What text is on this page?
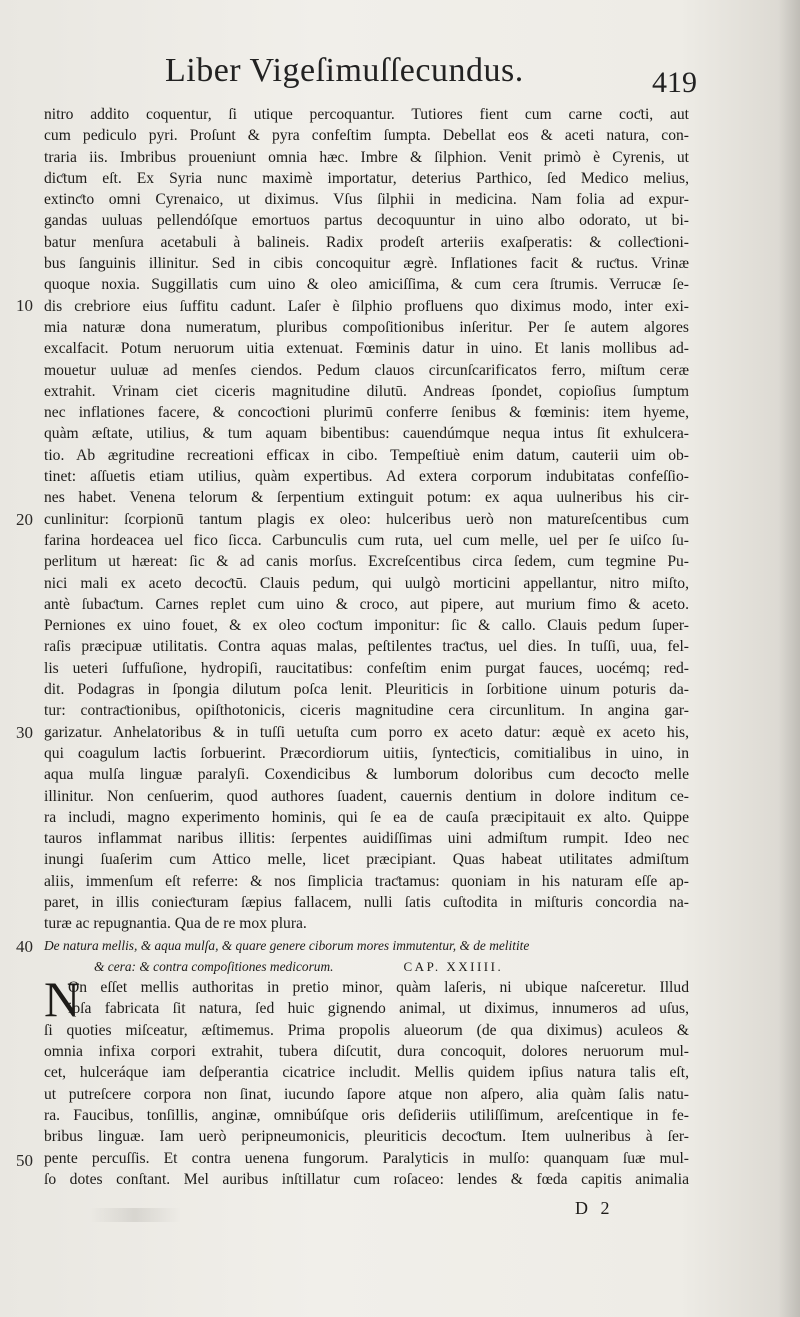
Liber Vigeſimuſſecundus.	419
10
20
30
40
50
nitro addito coquentur, ſi utique percoquantur. Tutiores fient cum carne coƈti, aut
cum pediculo pyri. Proſunt & pyra confeſtim ſumpta. Debellat eos & aceti natura, con-
traria iis. Imbribus proueniunt omnia hæc. Imbre & ſilphion. Venit primò è Cyrenis, ut
diƈtum eſt. Ex Syria nunc maximè importatur, deterius Parthico, ſed Medico melius,
extinƈto omni Cyrenaico, ut diximus. Vſus ſilphii in medicina. Nam folia ad expur-
gandas uuluas pellendóſque emortuos partus decoquuntur in uino albo odorato, ut bi-
batur menſura acetabuli à balineis. Radix prodeſt arteriis exaſperatis: & colleƈtioni-
bus ſanguinis illinitur. Sed in cibis concoquitur ægrè. Inflationes facit & ruƈtus. Vrinæ
quoque noxia. Suggillatis cum uino & oleo amiciſſima, & cum cera ſtrumis. Verrucæ ſe-
dis crebriore eius ſuffitu cadunt. Laſer è ſilphio profluens quo diximus modo, inter exi-
mia naturæ dona numeratum, pluribus compoſitionibus inſeritur. Per ſe autem algores
excalfacit. Potum neruorum uitia extenuat. Fœminis datur in uino. Et lanis mollibus ad-
mouetur uuluæ ad menſes ciendos. Pedum clauos circunſcarificatos ferro, miſtum ceræ
extrahit. Vrinam ciet ciceris magnitudine dilutū. Andreas ſpondet, copioſius ſumptum
nec inflationes facere, & concoƈtioni plurimū conferre ſenibus & fœminis: item hyeme,
quàm æſtate, utilius, & tum aquam bibentibus: cauendúmque nequa intus ſit exhulcera-
tio. Ab ægritudine recreationi efficax in cibo. Tempeſtiuè enim datum, cauterii uim ob-
tinet: aſſuetis etiam utilius, quàm expertibus. Ad extera corporum indubitatas confeſſio-
nes habet. Venena telorum & ſerpentium extinguit potum: ex aqua uulneribus his cir-
cunlinitur: ſcorpionū tantum plagis ex oleo: hulceribus uerò non matureſcentibus cum
farina hordeacea uel fico ſicca. Carbunculis cum ruta, uel cum melle, uel per ſe uiſco ſu-
perlitum ut hæreat: ſic & ad canis morſus. Excreſcentibus circa ſedem, cum tegmine Pu-
nici mali ex aceto decoƈtū. Clauis pedum, qui uulgò morticini appellantur, nitro miſto,
antè ſubaƈtum. Carnes replet cum uino & croco, aut pipere, aut murium fimo & aceto.
Perniones ex uino fouet, & ex oleo coƈtum imponitur: ſic & callo. Clauis pedum ſuper-
raſis præcipuæ utilitatis. Contra aquas malas, peſtilentes traƈtus, uel dies. In tuſſi, uua, fel-
lis ueteri ſuffuſione, hydropiſi, raucitatibus: confeſtim enim purgat fauces, uocémq; red-
dit. Podagras in ſpongia dilutum poſca lenit. Pleuriticis in ſorbitione uinum poturis da-
tur: contraƈtionibus, opiſthotonicis, ciceris magnitudine cera circunlitum. In angina gar-
garizatur. Anhelatoribus & in tuſſi uetuſta cum porro ex aceto datur: æquè ex aceto his,
qui coagulum laƈtis ſorbuerint. Præcordiorum uitiis, ſynteƈticis, comitialibus in uino, in
aqua mulſa linguæ paralyſi. Coxendicibus & lumborum doloribus cum decoƈto melle
illinitur. Non cenſuerim, quod authores ſuadent, cauernis dentium in dolore inditum ce-
ra includi, magno experimento hominis, qui ſe ea de cauſa præcipitauit ex alto. Quippe
tauros inflammat naribus illitis: ſerpentes auidiſſimas uini admiſtum rumpit. Ideo nec
inungi ſuaſerim cum Attico melle, licet præcipiant. Quas habeat utilitates admiſtum
aliis, immenſum eſt referre: & nos ſimplicia traƈtamus: quoniam in his naturam eſſe ap-
paret, in illis conieƈturam ſæpius fallacem, nulli ſatis cuſtodita in miſturis concordia na-
turæ ac repugnantia. Qua de re mox plura.
De natura mellis, & aqua mulſa, & quare genere ciborum mores immutentur, & de melitite
& cera: & contra compoſitiones medicorum.	CAP. XXIIII.
N
On eſſet mellis authoritas in pretio minor, quàm laſeris, ni ubique naſceretur. Illud
ipſa fabricata ſit natura, ſed huic gignendo animal, ut diximus, innumeros ad uſus,
ſi quoties miſceatur, æſtimemus. Prima propolis alueorum (de qua diximus) aculeos &
omnia infixa corpori extrahit, tubera diſcutit, dura concoquit, dolores neruorum mul-
cet, hulceráque iam deſperantia cicatrice includit. Mellis quidem ipſius natura talis eſt,
ut putreſcere corpora non ſinat, iucundo ſapore atque non aſpero, alia quàm ſalis natu-
ra. Faucibus, tonſillis, anginæ, omnibúſque oris deſideriis utiliſſimum, areſcentique in fe-
bribus linguæ. Iam uerò peripneumonicis, pleuriticis decoƈtum. Item uulneribus à ſer-
pente percuſſis. Et contra uenena fungorum. Paralyticis in mulſo: quanquam ſuæ mul-
ſo dotes conſtant. Mel auribus inſtillatur cum roſaceo: lendes & fœda capitis animalia
D 2
